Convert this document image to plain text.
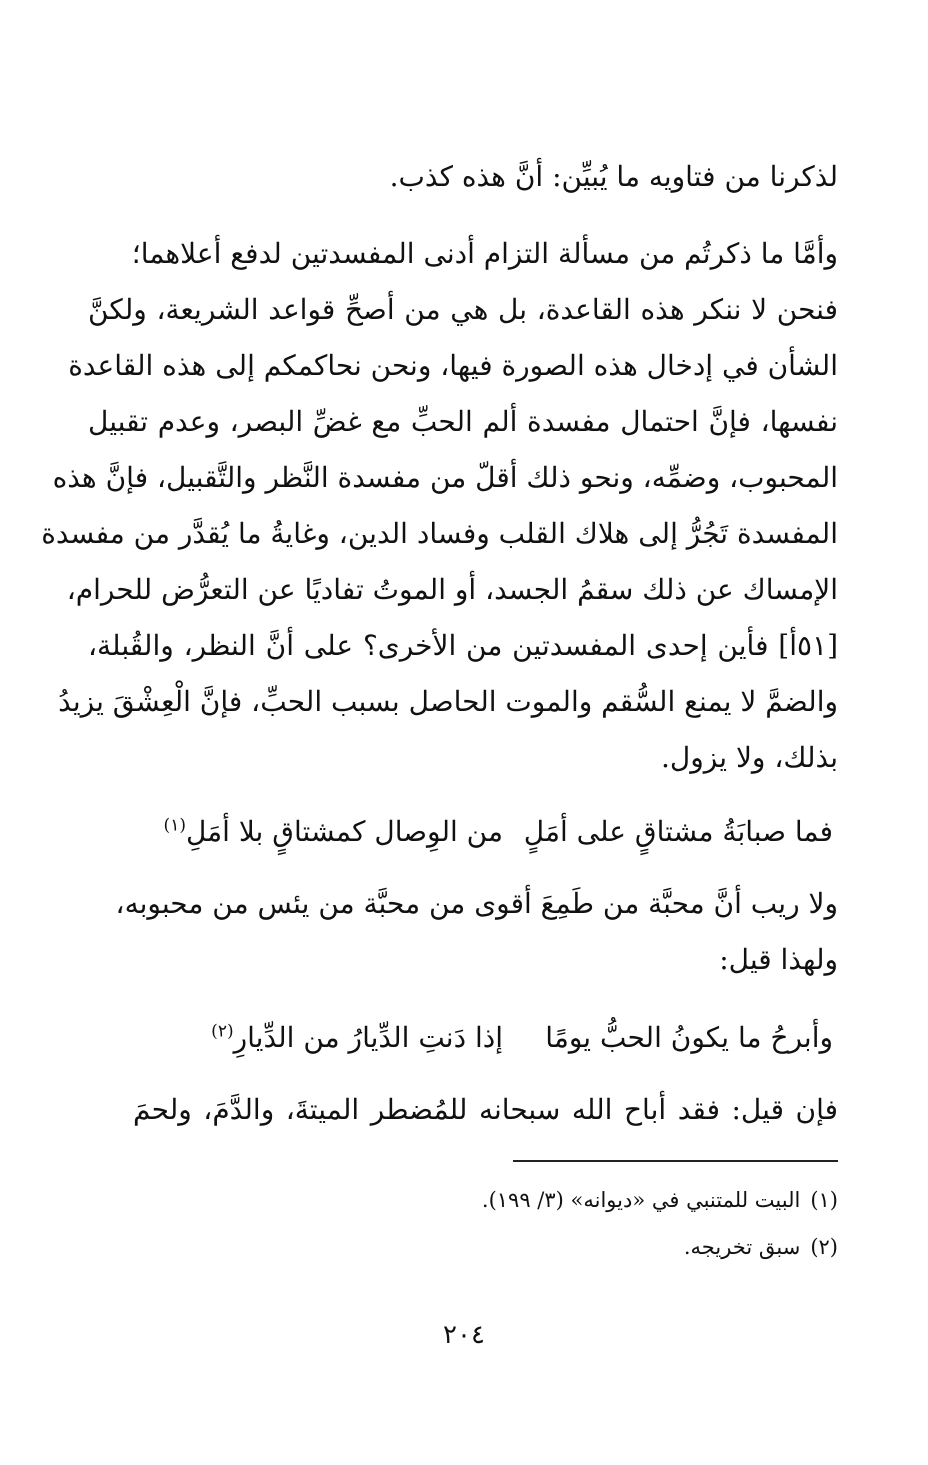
لذكرنا من فتاويه ما يُبيِّن: أنَّ هذه كذب.
وأمَّا ما ذكرتُم من مسألة التزام أدنى المفسدتين لدفع أعلاهما؛
فنحن لا ننكر هذه القاعدة، بل هي من أصحِّ قواعد الشريعة، ولكنَّ
الشأن في إدخال هذه الصورة فيها، ونحن نحاكمكم إلى هذه القاعدة
نفسها، فإنَّ احتمال مفسدة ألم الحبِّ مع غضِّ البصر، وعدم تقبيل
المحبوب، وضمِّه، ونحو ذلك أقلّ من مفسدة النَّظر والتَّقبيل، فإنَّ هذه
المفسدة تَجُرُّ إلى هلاك القلب وفساد الدين، وغايةُ ما يُقدَّر من مفسدة
الإمساك عن ذلك سقمُ الجسد، أو الموتُ تفاديًا عن التعرُّض للحرام،
[٥١أ] فأين إحدى المفسدتين من الأخرى؟ على أنَّ النظر، والقُبلة،
والضمَّ لا يمنع السُّقم والموت الحاصل بسبب الحبِّ، فإنَّ الْعِشْقَ يزيدُ
بذلك، ولا يزول.
فما صبابَةُ مشتاقٍ على أمَلٍ
من الوِصال كمشتاقٍ بلا أمَلِ$^{(١)}$
ولا ريب أنَّ محبَّة من طَمِعَ أقوى من محبَّة من يئس من محبوبه،
ولهذا قيل:
وأبرحُ ما يكونُ الحبُّ يومًا
إذا دَنتِ الدِّيارُ من الدِّيارِ$^{(٢)}$
فإن قيل: فقد أباح الله سبحانه للمُضطر الميتةَ، والدَّمَ، ولحمَ
(١)البيت للمتنبي في «ديوانه» (٣/ ١٩٩).
(٢)سبق تخريجه.
٢٠٤
